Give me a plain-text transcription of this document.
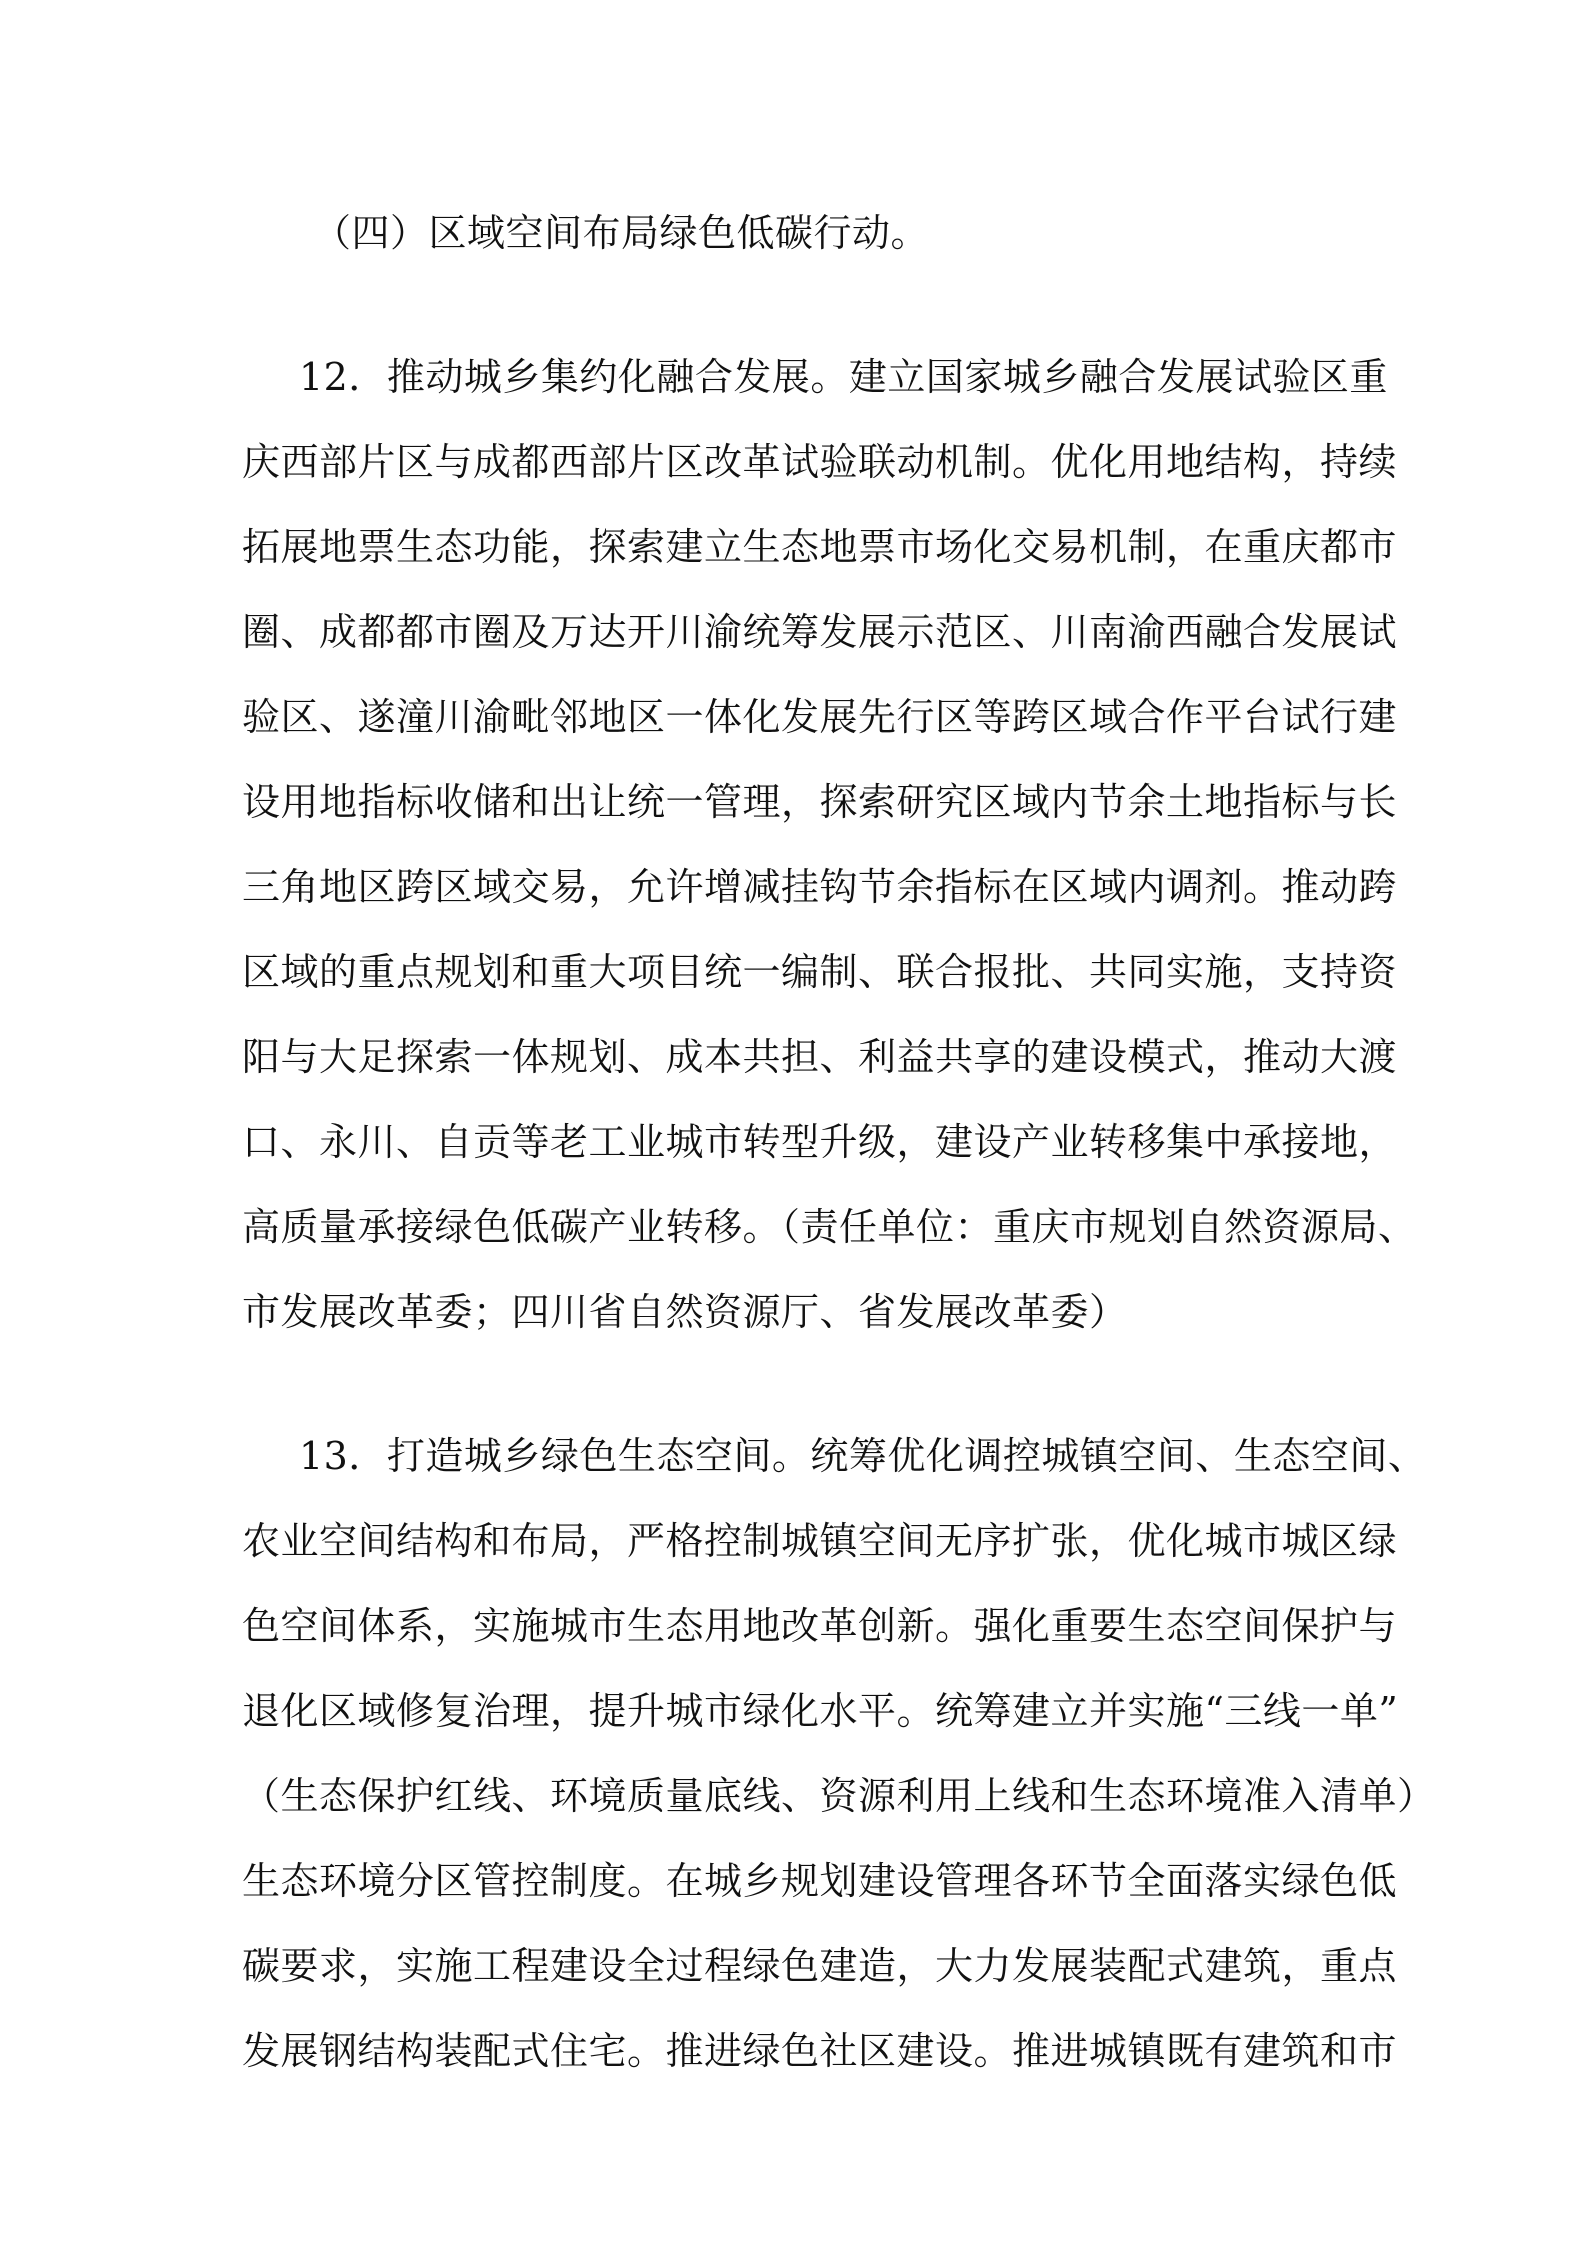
（四）区域空间布局绿色低碳行动。
12．推动城乡集约化融合发展。建立国家城乡融合发展试验区重
庆西部片区与成都西部片区改革试验联动机制。优化用地结构，持续
拓展地票生态功能，探索建立生态地票市场化交易机制，在重庆都市
圈、成都都市圈及万达开川渝统筹发展示范区、川南渝西融合发展试
验区、遂潼川渝毗邻地区一体化发展先行区等跨区域合作平台试行建
设用地指标收储和出让统一管理，探索研究区域内节余土地指标与长
三角地区跨区域交易，允许增减挂钩节余指标在区域内调剂。推动跨
区域的重点规划和重大项目统一编制、联合报批、共同实施，支持资
阳与大足探索一体规划、成本共担、利益共享的建设模式，推动大渡
口、永川、自贡等老工业城市转型升级，建设产业转移集中承接地，
高质量承接绿色低碳产业转移。（责任单位：重庆市规划自然资源局、
市发展改革委；四川省自然资源厅、省发展改革委）
13．打造城乡绿色生态空间。统筹优化调控城镇空间、生态空间、
农业空间结构和布局，严格控制城镇空间无序扩张，优化城市城区绿
色空间体系，实施城市生态用地改革创新。强化重要生态空间保护与
退化区域修复治理，提升城市绿化水平。统筹建立并实施“三线一单”
（生态保护红线、环境质量底线、资源利用上线和生态环境准入清单）
生态环境分区管控制度。在城乡规划建设管理各环节全面落实绿色低
碳要求，实施工程建设全过程绿色建造，大力发展装配式建筑，重点
发展钢结构装配式住宅。推进绿色社区建设。推进城镇既有建筑和市
